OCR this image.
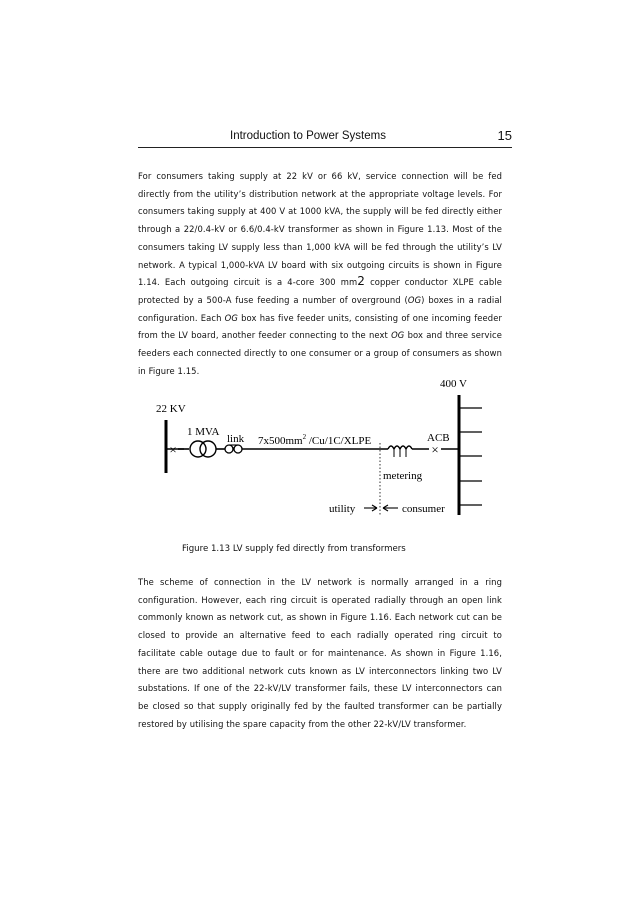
Introduction to Power Systems	15

For consumers taking supply at 22 kV or 66 kV, service connection will be fed directly from the utility’s distribution network at the appropriate voltage levels. For consumers taking supply at 400 V at 1000 kVA, the supply will be fed directly either through a 22/0.4-kV or 6.6/0.4-kV transformer as shown in Figure 1.13. Most of the consumers taking LV supply less than 1,000 kVA will be fed through the utility’s LV network. A typical 1,000-kVA LV board with six outgoing circuits is shown in Figure 1.14. Each outgoing circuit is a 4-core 300 mm2 copper conductor XLPE cable protected by a 500-A fuse feeding a number of overground (OG) boxes in a radial configuration. Each OG box has five feeder units, consisting of one incoming feeder from the LV board, another feeder connecting to the next OG box and three service feeders each connected directly to one consumer or a group of consumers as shown in Figure 1.15.

×	×
22 KV
400 V
1 MVA
link $7x500mm^2$ /Cu/1C/XLPE	ACB
metering
utility	consumer

Figure 1.13 LV supply fed directly from transformers

The scheme of connection in the LV network is normally arranged in a ring configuration. However, each ring circuit is operated radially through an open link commonly known as network cut, as shown in Figure 1.16. Each network cut can be closed to provide an alternative feed to each radially operated ring circuit to facilitate cable outage due to fault or for maintenance. As shown in Figure 1.16, there are two additional network cuts known as LV interconnectors linking two LV substations. If one of the 22-kV/LV transformer fails, these LV interconnectors can be closed so that supply originally fed by the faulted transformer can be partially restored by utilising the spare capacity from the other 22-kV/LV transformer.
